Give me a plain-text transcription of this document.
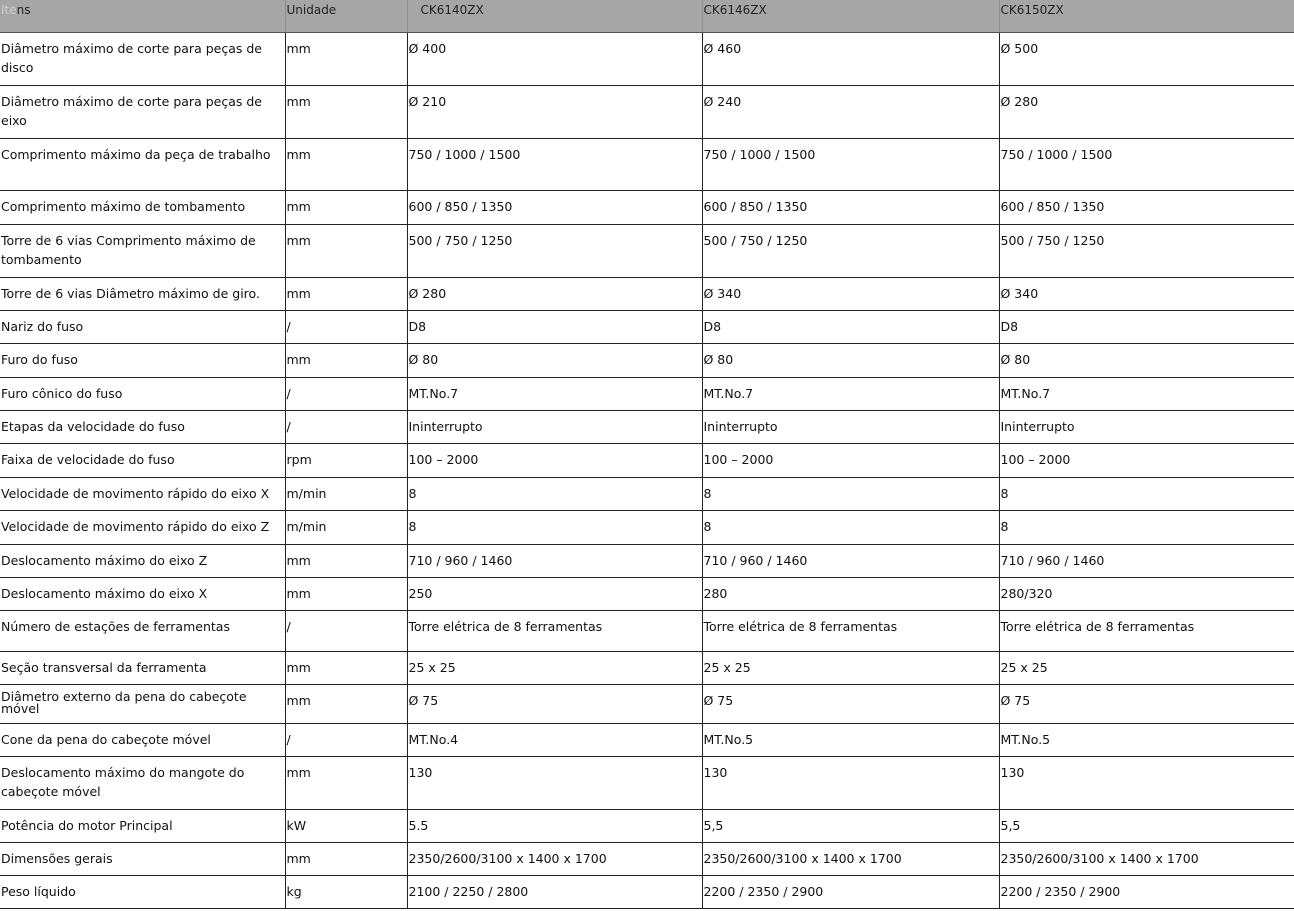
Itens	Unidade	CK6140ZX	CK6146ZX	CK6150ZX
Diâmetro máximo de corte para peças de disco	mm	Ø 400	Ø 460	Ø 500
Diâmetro máximo de corte para peças de eixo	mm	Ø 210	Ø 240	Ø 280
Comprimento máximo da peça de trabalho	mm	750 / 1000 / 1500	750 / 1000 / 1500	750 / 1000 / 1500
Comprimento máximo de tombamento	mm	600 / 850 / 1350	600 / 850 / 1350	600 / 850 / 1350
Torre de 6 vias Comprimento máximo de tombamento	mm	500 / 750 / 1250	500 / 750 / 1250	500 / 750 / 1250
Torre de 6 vias Diâmetro máximo de giro.	mm	Ø 280	Ø 340	Ø 340
Nariz do fuso	/	D8	D8	D8
Furo do fuso	mm	Ø 80	Ø 80	Ø 80
Furo cônico do fuso	/	MT.No.7	MT.No.7	MT.No.7
Etapas da velocidade do fuso	/	Ininterrupto	Ininterrupto	Ininterrupto
Faixa de velocidade do fuso	rpm	100 – 2000	100 – 2000	100 – 2000
Velocidade de movimento rápido do eixo X	m/min	8	8	8
Velocidade de movimento rápido do eixo Z	m/min	8	8	8
Deslocamento máximo do eixo Z	mm	710 / 960 / 1460	710 / 960 / 1460	710 / 960 / 1460
Deslocamento máximo do eixo X	mm	250	280	280/320
Número de estações de ferramentas	/	Torre elétrica de 8 ferramentas	Torre elétrica de 8 ferramentas	Torre elétrica de 8 ferramentas
Seção transversal da ferramenta	mm	25 x 25	25 x 25	25 x 25
Diâmetro externo da pena do cabeçote móvel	mm	Ø 75	Ø 75	Ø 75
Cone da pena do cabeçote móvel	/	MT.No.4	MT.No.5	MT.No.5
Deslocamento máximo do mangote do cabeçote móvel	mm	130	130	130
Potência do motor Principal	kW	5.5	5,5	5,5
Dimensões gerais	mm	2350/2600/3100 x 1400 x 1700	2350/2600/3100 x 1400 x 1700	2350/2600/3100 x 1400 x 1700
Peso líquido	kg	2100 / 2250 / 2800	2200 / 2350 / 2900	2200 / 2350 / 2900
